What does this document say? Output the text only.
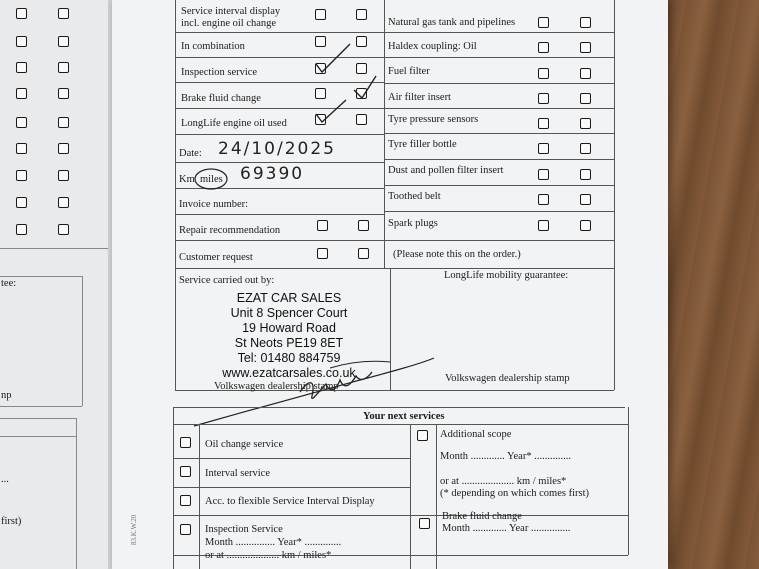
tee:
np
...
first)
Service interval display
incl. engine oil change
In combination
Inspection service
Brake fluid change
LongLife engine oil used
Date: 24/10/2025
Km miles 69390
Invoice number:
Repair recommendation
Customer request
Natural gas tank and pipelines
Haldex coupling: Oil
Fuel filter
Air filter insert
Tyre pressure sensors
Tyre filler bottle
Dust and pollen filter insert
Toothed belt
Spark plugs
(Please note this on the order.)
Service carried out by:	LongLife mobility guarantee:
EZAT CAR SALES
Unit 8 Spencer Court
19 Howard Road
St Neots PE19 8ET
Tel: 01480 884759
www.ezatcarsales.co.uk
Volkswagen dealership stamp
Volkswagen dealership stamp
Your next services
Oil change service
Interval service
Acc. to flexible Service Interval Display
Inspection Service
Month ............... Year* ..............
or at .................... km / miles*
Additional scope
Month ............. Year* ..............
or at .................... km / miles*
(* depending on which comes first)
Brake fluid change
Month ............. Year ...............
83.K.W.20
